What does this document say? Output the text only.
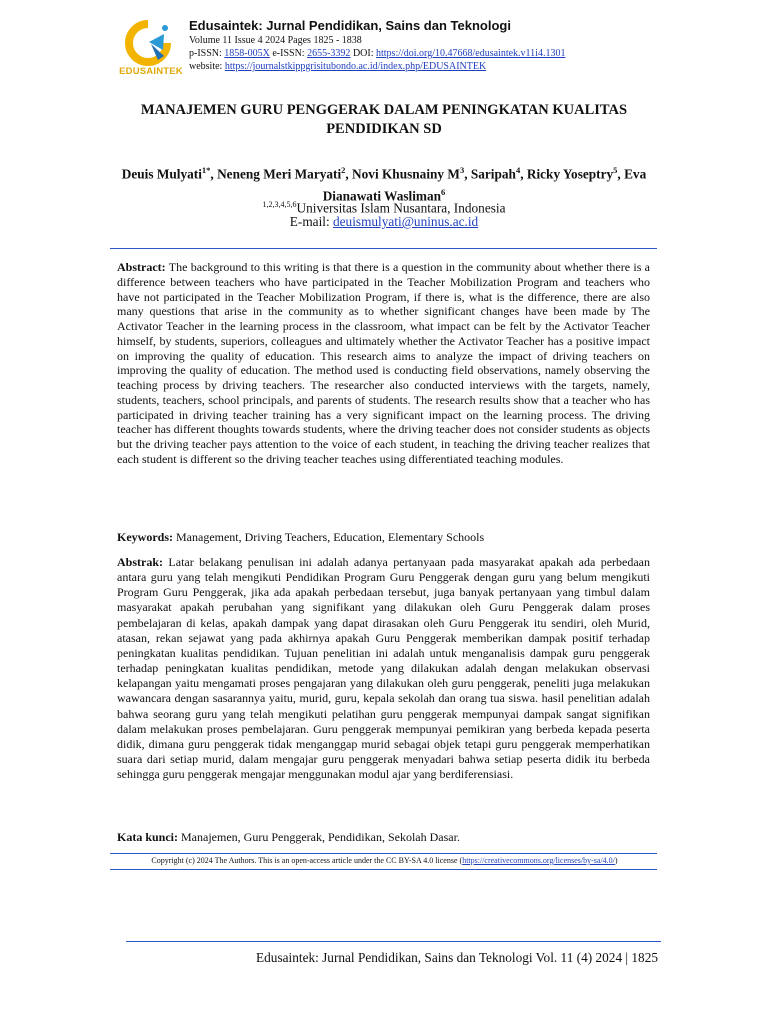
EDUSAINTEK
Edusaintek: Jurnal Pendidikan, Sains dan Teknologi
Volume 11 Issue 4 2024 Pages 1825 - 1838
p-ISSN: 1858-005X e-ISSN: 2655-3392 DOI: https://doi.org/10.47668/edusaintek.v11i4.1301
website: https://journalstkippgrisitubondo.ac.id/index.php/EDUSAINTEK
MANAJEMEN GURU PENGGERAK DALAM PENINGKATAN KUALITAS
PENDIDIKAN SD
Deuis Mulyati$^{1*}$, Neneng Meri Maryati$^2$, Novi Khusnainy $M^3$, Saripah$^4$, Ricky Yoseptry$^5$, Eva Dianawati Wasliman$^6$
$^{1,2,3,4,5,6}$Universitas Islam Nusantara, Indonesia
E-mail: deuismulyati@uninus.ac.id
Abstract: The background to this writing is that there is a question in the community about whether there is a difference between teachers who have participated in the Teacher Mobilization Program and teachers who have not participated in the Teacher Mobilization Program, if there is, what is the difference, there are also many questions that arise in the community as to whether significant changes have been made by The Activator Teacher in the learning process in the classroom, what impact can be felt by the Activator Teacher himself, by students, superiors, colleagues and ultimately whether the Activator Teacher has a positive impact on improving the quality of education. This research aims to analyze the impact of driving teachers on improving the quality of education. The method used is conducting field observations, namely observing the teaching process by driving teachers. The researcher also conducted interviews with the targets, namely, students, teachers, school principals, and parents of students. The research results show that a teacher who has participated in driving teacher training has a very significant impact on the learning process. The driving teacher has different thoughts towards students, where the driving teacher does not consider students as objects but the driving teacher pays attention to the voice of each student, in teaching the driving teacher realizes that each student is different so the driving teacher teaches using differentiated teaching modules.
Keywords: Management, Driving Teachers, Education, Elementary Schools
Abstrak: Latar belakang penulisan ini adalah adanya pertanyaan pada masyarakat apakah ada perbedaan antara guru yang telah mengikuti Pendidikan Program Guru Penggerak dengan guru yang belum mengikuti Program Guru Penggerak, jika ada apakah perbedaan tersebut, juga banyak pertanyaan yang timbul dalam masyarakat apakah perubahan yang signifikant yang dilakukan oleh Guru Penggerak dalam proses pembelajaran di kelas, apakah dampak yang dapat dirasakan oleh Guru Penggerak itu sendiri, oleh Murid, atasan, rekan sejawat yang pada akhirnya apakah Guru Penggerak memberikan dampak positif terhadap peningkatan kualitas pendidikan. Tujuan penelitian ini adalah untuk menganalisis dampak guru penggerak terhadap peningkatan kualitas pendidikan, metode yang dilakukan adalah dengan melakukan observasi kelapangan yaitu mengamati proses pengajaran yang dilakukan oleh guru penggerak, peneliti juga melakukan wawancara dengan sasarannya yaitu, murid, guru, kepala sekolah dan orang tua siswa. hasil penelitian adalah bahwa seorang guru yang telah mengikuti pelatihan guru penggerak mempunyai dampak sangat signifikan dalam melakukan proses pembelajaran. Guru penggerak mempunyai pemikiran yang berbeda kepada peserta didik, dimana guru penggerak tidak menganggap murid sebagai objek tetapi guru penggerak memperhatikan suara dari setiap murid, dalam mengajar guru penggerak menyadari bahwa setiap peserta didik itu berbeda sehingga guru penggerak mengajar menggunakan modul ajar yang berdiferensiasi.
Kata kunci: Manajemen, Guru Penggerak, Pendidikan, Sekolah Dasar.
Copyright (c) 2024 The Authors. This is an open-access article under the CC BY-SA 4.0 license (https://creativecommons.org/licenses/by-sa/4.0/)
Edusaintek: Jurnal Pendidikan, Sains dan Teknologi Vol. 11 (4) 2024 | 1825
